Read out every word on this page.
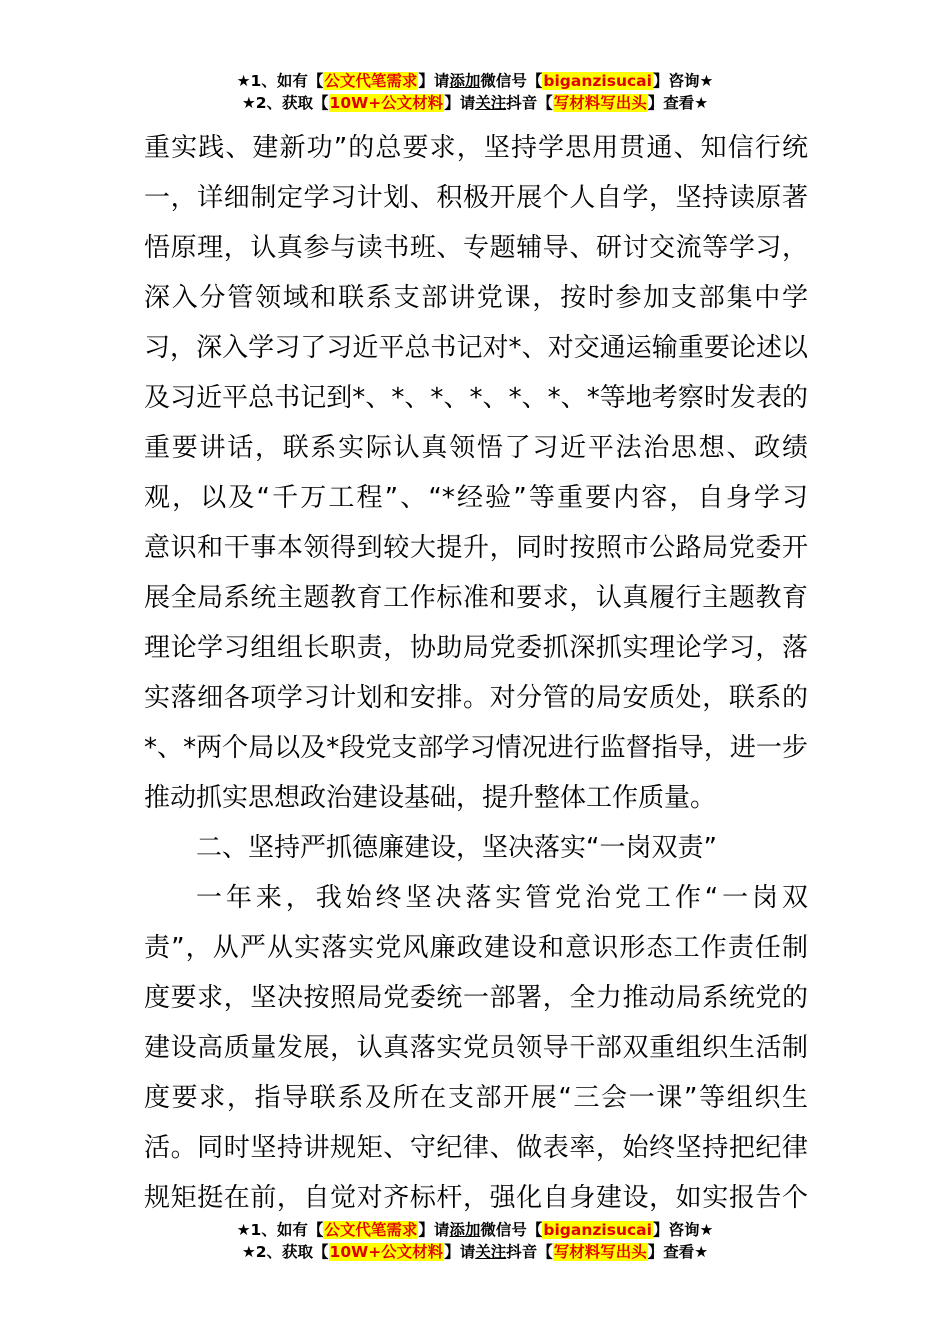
★1、如有【公文代笔需求】请添加微信号【biganzisucai】咨询★
★2、获取【10W+公文材料】请关注抖音【写材料写出头】查看★
重实践、建新功”的总要求，坚持学思用贯通、知信行统
一，详细制定学习计划、积极开展个人自学，坚持读原著
悟原理，认真参与读书班、专题辅导、研讨交流等学习，
深入分管领域和联系支部讲党课，按时参加支部集中学
习，深入学习了习近平总书记对*、对交通运输重要论述以
及习近平总书记到*、*、*、*、*、*、*等地考察时发表的
重要讲话，联系实际认真领悟了习近平法治思想、政绩
观，以及“千万工程”、“*经验”等重要内容，自身学习
意识和干事本领得到较大提升，同时按照市公路局党委开
展全局系统主题教育工作标准和要求，认真履行主题教育
理论学习组组长职责，协助局党委抓深抓实理论学习，落
实落细各项学习计划和安排。对分管的局安质处，联系的
*、*两个局以及*段党支部学习情况进行监督指导，进一步
推动抓实思想政治建设基础，提升整体工作质量。
二、坚持严抓德廉建设，坚决落实“一岗双责”
一年来，我始终坚决落实管党治党工作“一岗双
责”，从严从实落实党风廉政建设和意识形态工作责任制
度要求，坚决按照局党委统一部署，全力推动局系统党的
建设高质量发展，认真落实党员领导干部双重组织生活制
度要求，指导联系及所在支部开展“三会一课”等组织生
活。同时坚持讲规矩、守纪律、做表率，始终坚持把纪律
规矩挺在前，自觉对齐标杆，强化自身建设，如实报告个
★1、如有【公文代笔需求】请添加微信号【biganzisucai】咨询★
★2、获取【10W+公文材料】请关注抖音【写材料写出头】查看★
